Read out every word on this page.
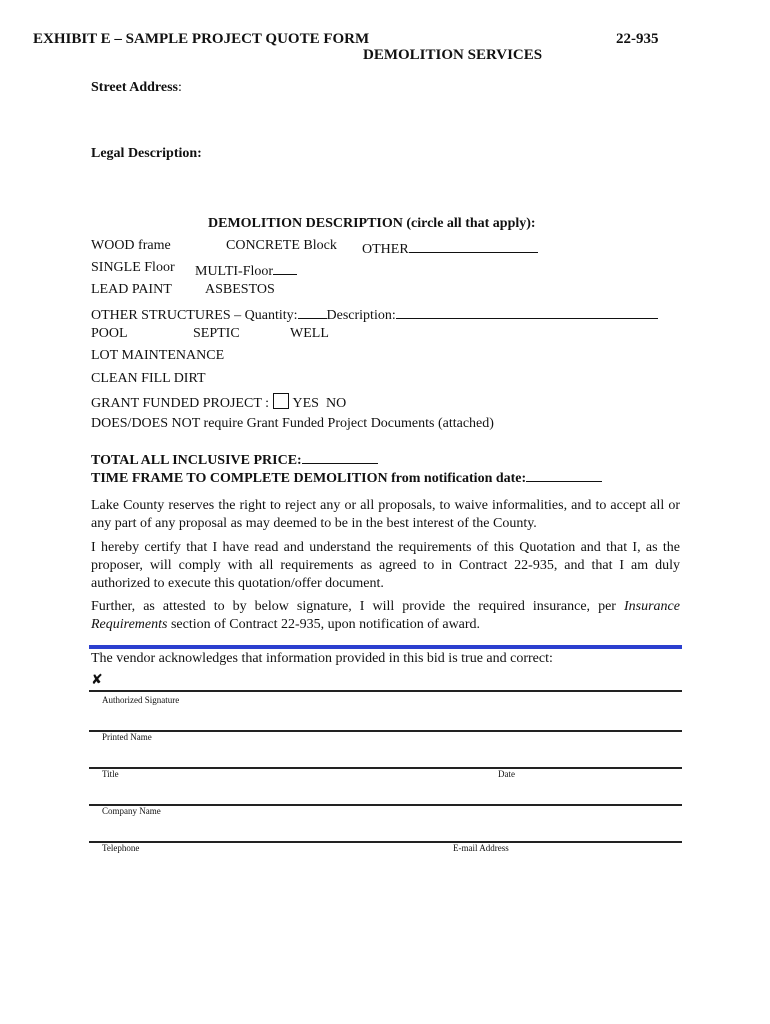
EXHIBIT E – SAMPLE PROJECT QUOTE FORM	22-935
DEMOLITION SERVICES
Street Address:
Legal Description:
DEMOLITION DESCRIPTION (circle all that apply):
WOOD frame	CONCRETE Block OTHER
SINGLE Floor MULTI-Floor
LEAD PAINT ASBESTOS
OTHER STRUCTURES – Quantity: Description:
POOL	SEPTIC	WELL
LOT MAINTENANCE
CLEAN FILL DIRT
GRANT FUNDED PROJECT : YES NO
DOES/DOES NOT require Grant Funded Project Documents (attached)
TOTAL ALL INCLUSIVE PRICE:
TIME FRAME TO COMPLETE DEMOLITION from notification date:
Lake County reserves the right to reject any or all proposals, to waive informalities, and to accept all or any part of any proposal as may deemed to be in the best interest of the County.
I hereby certify that I have read and understand the requirements of this Quotation and that I, as the proposer, will comply with all requirements as agreed to in Contract 22-935, and that I am duly authorized to execute this quotation/offer document.
Further, as attested to by below signature, I will provide the required insurance, per Insurance Requirements section of Contract 22-935, upon notification of award.
The vendor acknowledges that information provided in this bid is true and correct:
✘
Authorized Signature
Printed Name
Title	Date
Company Name
Telephone	E-mail Address
